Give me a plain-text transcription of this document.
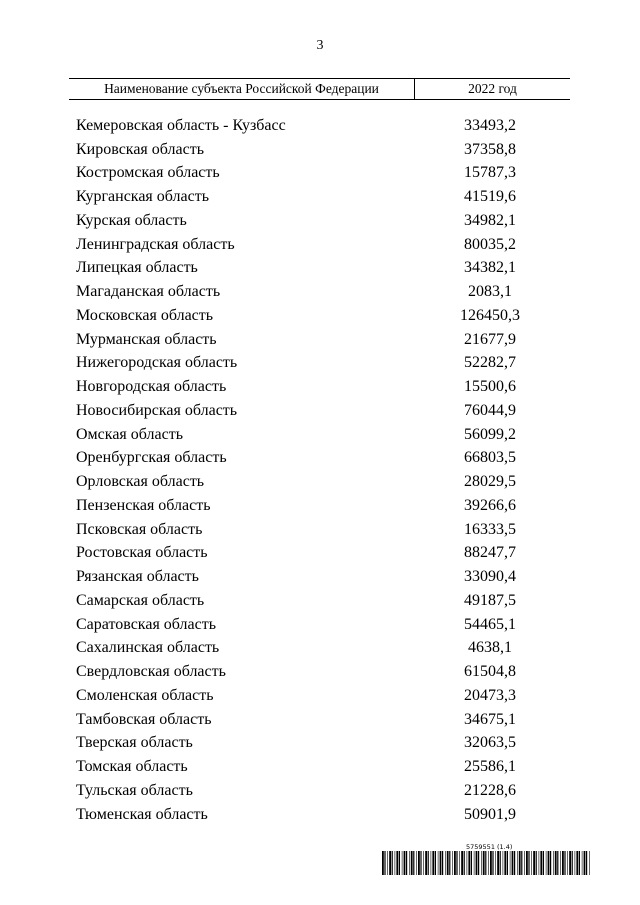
3
Наименование субъекта Российской Федерации	2022 год
Кемеровская область - Кузбасс	33493,2
Кировская область	37358,8
Костромская область	15787,3
Курганская область	41519,6
Курская область	34982,1
Ленинградская область	80035,2
Липецкая область	34382,1
Магаданская область	2083,1
Московская область	126450,3
Мурманская область	21677,9
Нижегородская область	52282,7
Новгородская область	15500,6
Новосибирская область	76044,9
Омская область	56099,2
Оренбургская область	66803,5
Орловская область	28029,5
Пензенская область	39266,6
Псковская область	16333,5
Ростовская область	88247,7
Рязанская область	33090,4
Самарская область	49187,5
Саратовская область	54465,1
Сахалинская область	4638,1
Свердловская область	61504,8
Смоленская область	20473,3
Тамбовская область	34675,1
Тверская область	32063,5
Томская область	25586,1
Тульская область	21228,6
Тюменская область	50901,9
5759551 (1.4)
